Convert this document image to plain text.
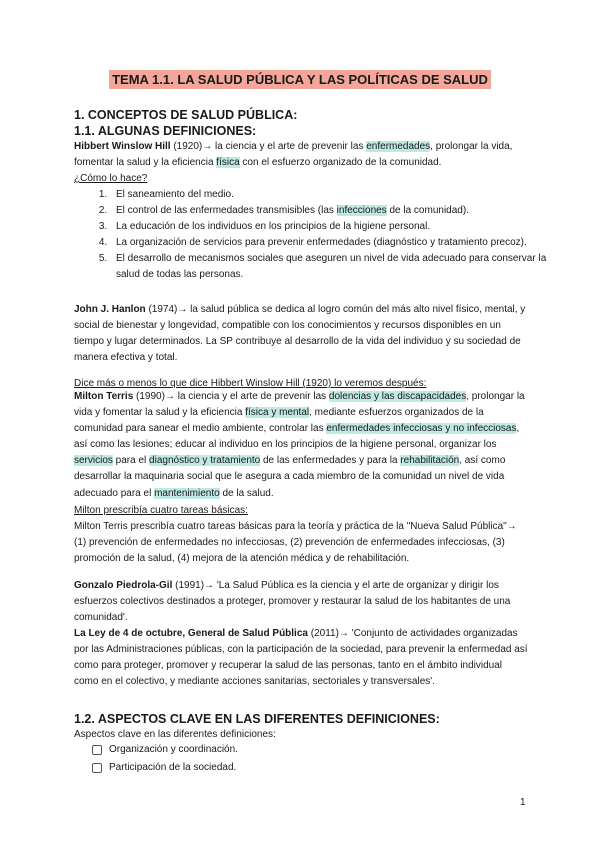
TEMA 1.1. LA SALUD PÚBLICA Y LAS POLÍTICAS DE SALUD
1. CONCEPTOS DE SALUD PÚBLICA:
1.1. ALGUNAS DEFINICIONES:

Hibbert Winslow Hill (1920)→ la ciencia y el arte de prevenir las enfermedades, prolongar la vida, fomentar la salud y la eficiencia física con el esfuerzo organizado de la comunidad.

¿Cómo lo hace?

1. El saneamiento del medio.
2. El control de las enfermedades transmisibles (las infecciones de la comunidad).
3. La educación de los individuos en los principios de la higiene personal.
4. La organización de servicios para prevenir enfermedades (diagnóstico y tratamiento precoz).
5. El desarrollo de mecanismos sociales que aseguren un nivel de vida adecuado para conservar la salud de todas las personas.

John J. Hanlon (1974)→ la salud pública se dedica al logro común del más alto nivel físico, mental, y social de bienestar y longevidad, compatible con los conocimientos y recursos disponibles en un tiempo y lugar determinados. La SP contribuye al desarrollo de la vida del individuo y su sociedad de manera efectiva y total.

Dice más o menos lo que dice Hibbert Winslow Hill (1920) lo veremos después:

Milton Terris (1990)→ la ciencia y el arte de prevenir las dolencias y las discapacidades, prolongar la vida y fomentar la salud y la eficiencia física y mental, mediante esfuerzos organizados de la comunidad para sanear el medio ambiente, controlar las enfermedades infecciosas y no infecciosas, así como las lesiones; educar al individuo en los principios de la higiene personal, organizar los servicios para el diagnóstico y tratamiento de las enfermedades y para la rehabilitación, así como desarrollar la maquinaria social que le asegura a cada miembro de la comunidad un nivel de vida adecuado para el mantenimiento de la salud.

Milton prescribía cuatro tareas básicas:

Milton Terris prescribía cuatro tareas básicas para la teoría y práctica de la "Nueva Salud Pública"→ (1) prevención de enfermedades no infecciosas, (2) prevención de enfermedades infecciosas, (3) promoción de la salud, (4) mejora de la atención médica y de rehabilitación.

Gonzalo Piedrola-Gil (1991)→ 'La Salud Pública es la ciencia y el arte de organizar y dirigir los esfuerzos colectivos destinados a proteger, promover y restaurar la salud de los habitantes de una comunidad'.

La Ley de 4 de octubre, General de Salud Pública (2011)→ 'Conjunto de actividades organizadas por las Administraciones públicas, con la participación de la sociedad, para prevenir la enfermedad así como para proteger, promover y recuperar la salud de las personas, tanto en el ámbito individual como en el colectivo, y mediante acciones sanitarias, sectoriales y transversales'.

1.2. ASPECTOS CLAVE EN LAS DIFERENTES DEFINICIONES:

Aspectos clave en las diferentes definiciones:

Organización y coordinación.
Participación de la sociedad.
1
